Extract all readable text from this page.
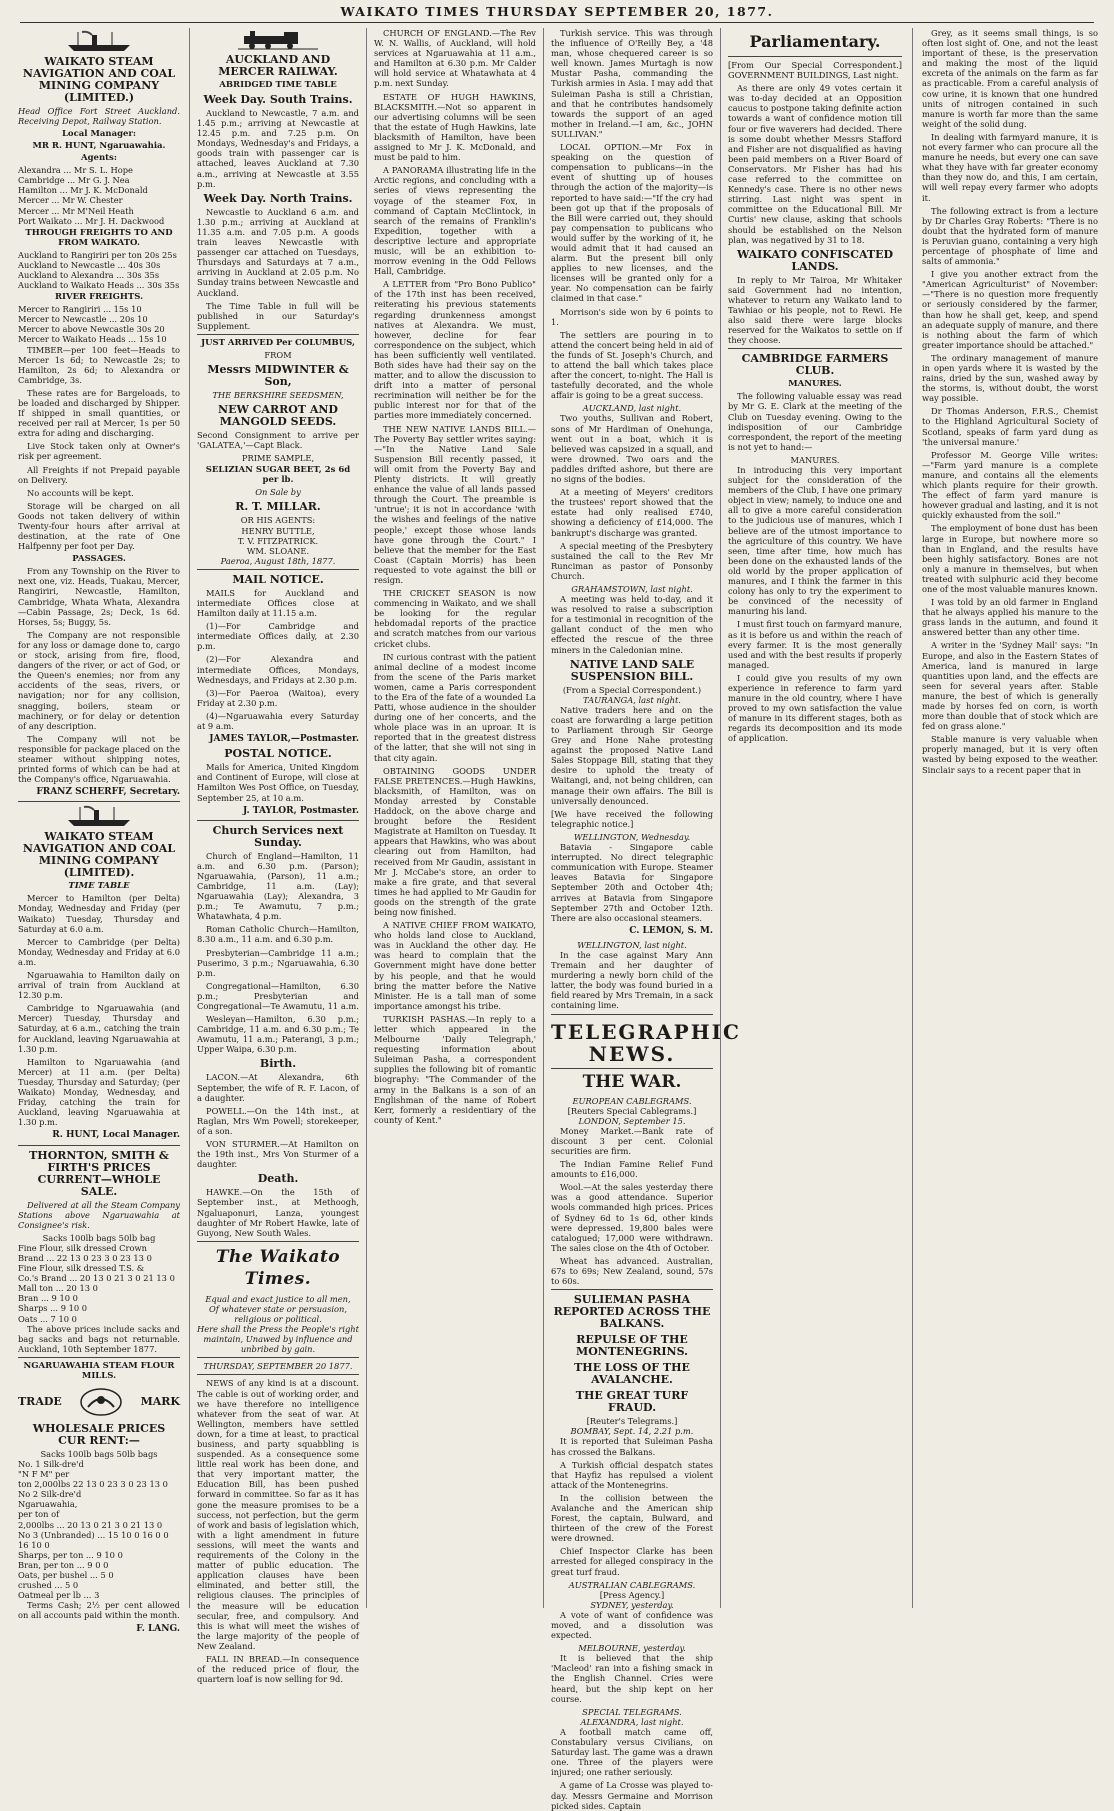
WAIKATO TIMES THURSDAY SEPTEMBER 20, 1877.
WAIKATO STEAM NAVIGATION AND COAL MINING COMPANY (LIMITED.)

Head Office Fort Street Auckland. Receiving Depot, Railway Station.

Local Manager:
MR R. HUNT, Ngaruawahia.
Agents:
Alexandra ... Mr S. L. Hope
Cambridge ... Mr G. J. Nea
Hamilton ... Mr J. K. McDonald
Mercer ... Mr W. Chester
Mercer ... Mr M'Neil Heath
Port Waikato ... Mr J. H. Dackwood
THROUGH FREIGHTS TO AND FROM WAIKATO.
Auckland to Rangiriri per ton 20s 25s
Auckland to Newcastle ... 40s 30s
Auckland to Alexandra ... 30s 35s
Auckland to Waikato Heads ... 30s 35s
RIVER FREIGHTS.
Mercer to Rangiriri ... 15s 10
Mercer to Newcastle ... 20s 10
Mercer to above Newcastle 30s 20
Mercer to Waikato Heads ... 15s 10

TIMBER—per 100 feet—Heads to Mercer 1s 6d; to Newcastle 2s; to Hamilton, 2s 6d; to Alexandra or Cambridge, 3s.

These rates are for Bargeloads, to be loaded and discharged by Shipper. If shipped in small quantities, or received per rail at Mercer, 1s per 50 extra for ading and discharging.

Live Stock taken only at Owner's risk per agreement.

All Freights if not Prepaid payable on Delivery.

No accounts will be kept.

Storage will be charged on all Goods not taken delivery of within Twenty-four hours after arrival at destination, at the rate of One Halfpenny per foot per Day.

PASSAGES.

From any Township on the River to next one, viz. Heads, Tuakau, Mercer, Rangiriri, Newcastle, Hamilton, Cambridge, Whata Whata, Alexandra—Cabin Passage, 2s; Deck, 1s 6d. Horses, 5s; Buggy, 5s.

The Company are not responsible for any loss or damage done to, cargo or stock, arising from fire, flood, dangers of the river, or act of God, or the Queen's enemies; nor from any accidents of the seas, rivers, or navigation; nor for any collision, snagging, boilers, steam or machinery, or for delay or detention of any description.

The Company will not be responsible for package placed on the steamer without shipping notes, printed forms of which can be had at the Company's office, Ngaruawahia.

FRANZ SCHERFF, Secretary.
WAIKATO STEAM NAVIGATION AND COAL MINING COMPANY (LIMITED).
TIME TABLE

Mercer to Hamilton (per Delta) Monday, Wednesday and Friday (per Waikato) Tuesday, Thursday and Saturday at 6.0 a.m.

Mercer to Cambridge (per Delta) Monday, Wednesday and Friday at 6.0 a.m.

Ngaruawahia to Hamilton daily on arrival of train from Auckland at 12.30 p.m.

Cambridge to Ngaruawahia (and Mercer) Tuesday, Thursday and Saturday, at 6 a.m., catching the train for Auckland, leaving Ngaruawahia at 1.30 p.m.

Hamilton to Ngaruawahia (and Mercer) at 11 a.m. (per Delta) Tuesday, Thursday and Saturday; (per Waikato) Monday, Wednesday, and Friday, catching the train for Auckland, leaving Ngaruawahia at 1.30 p.m.

R. HUNT, Local Manager.
THORNTON, SMITH & FIRTH'S PRICES CURRENT—WHOLE SALE.

Delivered at all the Steam Company Stations above Ngaruawahia at Consignee's risk.

Sacks 100lb bags 50lb bag
Fine Flour, silk dressed Crown
Brand ... 22 13 0 23 3 0 23 13 0
Fine Flour, silk dressed T.S. &
Co.'s Brand ... 20 13 0 21 3 0 21 13 0
Mall ton ... 20 13 0
Bran ... 9 10 0
Sharps ... 9 10 0
Oats ... 7 10 0

The above prices include sacks and bag sacks and bags not returnable. Auckland, 10th September 1877.

NGARUAWAHIA STEAM FLOUR MILLS.
TRADE	MARK
WHOLESALE PRICES CUR RENT:—
Sacks 100lb bags 50lb bags
No. 1 Silk-dre'd
"N F M" per
ton 2,000lbs 22 13 0 23 3 0 23 13 0
No 2 Silk-dre'd
Ngaruawahia,
per ton of
2,000lbs ... 20 13 0 21 3 0 21 13 0
No 3 (Unbranded) ... 15 10 0 16 0 0 16 10 0
Sharps, per ton ... 9 10 0
Bran, per ton ... 9 0 0
Oats, per bushel ... 5 0
crushed ... 5 0
Oatmeal per lb ... 3

Terms Cash; 2½ per cent allowed on all accounts paid within the month.

F. LANG.
AUCKLAND AND MERCER RAILWAY.
ABRIDGED TIME TABLE
Week Day. South Trains.

Auckland to Newcastle, 7 a.m. and 1.45 p.m.; arriving at Newcastle at 12.45 p.m. and 7.25 p.m. On Mondays, Wednesday's and Fridays, a goods train with passenger car is attached, leaves Auckland at 7.30 a.m., arriving at Newcastle at 3.55 p.m.

Week Day. North Trains.

Newcastle to Auckland 6 a.m. and 1.30 p.m.; arriving at Auckland at 11.35 a.m. and 7.05 p.m. A goods train leaves Newcastle with passenger car attached on Tuesdays, Thursdays and Saturdays at 7 a.m., arriving in Auckland at 2.05 p.m. No Sunday trains between Newcastle and Auckland.

The Time Table in full will be published in our Saturday's Supplement.

JUST ARRIVED Per COLUMBUS,
FROM
Messrs MIDWINTER & Son,
THE BERKSHIRE SEEDSMEN,
NEW CARROT AND MANGOLD SEEDS.

Second Consignment to arrive per 'GALATEA,'—Capt Black.

PRIME SAMPLE,
SELIZIAN SUGAR BEET, 2s 6d per lb.
On Sale by
R. T. MILLAR.
OR HIS AGENTS:
HENRY BUTTLE,
T. V. FITZPATRICK.
WM. SLOANE.
Paeroa, August 18th, 1877.
MAIL NOTICE.

MAILS for Auckland and intermediate Offices close at Hamilton daily at 11.15 a.m.

(1)—For Cambridge and intermediate Offices daily, at 2.30 p.m.

(2)—For Alexandra and intermediate Offices, Mondays, Wednesdays, and Fridays at 2.30 p.m.

(3)—For Paeroa (Waitoa), every Friday at 2.30 p.m.

(4)—Ngaruawahia every Saturday at 9 a.m.

JAMES TAYLOR,—Postmaster.
POSTAL NOTICE.

Mails for America, United Kingdom and Continent of Europe, will close at Hamilton Wes Post Office, on Tuesday, September 25, at 10 a.m.

J. TAYLOR, Postmaster.
Church Services next Sunday.

Church of England—Hamilton, 11 a.m. and 6.30 p.m. (Parson); Ngaruawahia, (Parson), 11 a.m.; Cambridge, 11 a.m. (Lay); Ngaruawahia (Lay); Alexandra, 3 p.m.; Te Awamutu, 7 p.m.; Whatawhata, 4 p.m.

Roman Catholic Church—Hamilton, 8.30 a.m., 11 a.m. and 6.30 p.m.

Presbyterian—Cambridge 11 a.m.; Puserimo, 3 p.m.; Ngaruawahia, 6.30 p.m.

Congregational—Hamilton, 6.30 p.m.; Presbyterian and Congregational—Te Awamutu, 11 a.m.

Wesleyan—Hamilton, 6.30 p.m.; Cambridge, 11 a.m. and 6.30 p.m.; Te Awamutu, 11 a.m.; Paterangi, 3 p.m.; Upper Waipa, 6.30 p.m.

Birth.

LACON.—At Alexandra, 6th September, the wife of R. F. Lacon, of a daughter.

POWELL.—On the 14th inst., at Raglan, Mrs Wm Powell; storekeeper, of a son.

VON STURMER.—At Hamilton on the 19th inst., Mrs Von Sturmer of a daughter.

Death.

HAWKE.—On the 15th of September inst., at Methoogh, Ngaluaponuri, Lanza, youngest daughter of Mr Robert Hawke, late of Guyong, New South Wales.

The Waikato Times.
Equal and exact justice to all men,
Of whatever state or persuasion, religious or political.
Here shall the Press the People's right maintain, Unawed by influence and unbribed by gain.
THURSDAY, SEPTEMBER 20 1877.

NEWS of any kind is at a discount. The cable is out of working order, and we have therefore no intelligence whatever from the seat of war. At Wellington, members have settled down, for a time at least, to practical business, and party squabbling is suspended. As a consequence some little real work has been done, and that very important matter, the Education Bill, has been pushed forward in committee. So far as it has gone the measure promises to be a success, not perfection, but the germ of work and basis of legislation which, with a light amendment in future sessions, will meet the wants and requirements of the Colony in the matter of public education. The application clauses have been eliminated, and better still, the religious clauses. The principles of the measure will be education secular, free, and compulsory. And this is what will meet the wishes of the large majority of the people of New Zealand.

FALL IN BREAD.—In consequence of the reduced price of flour, the quartern loaf is now selling for 9d.

CHURCH OF ENGLAND.—The Rev W. N. Wallis, of Auckland, will hold services at Ngaruawahia at 11 a.m., and Hamilton at 6.30 p.m. Mr Calder will hold service at Whatawhata at 4 p.m. next Sunday.

ESTATE OF HUGH HAWKINS, BLACKSMITH.—Not so apparent in our advertising columns will be seen that the estate of Hugh Hawkins, late blacksmith of Hamilton, have been assigned to Mr J. K. McDonald, and must be paid to him.

A PANORAMA illustrating life in the Arctic regions, and concluding with a series of views representing the voyage of the steamer Fox, in command of Captain McClintock, in search of the remains of Franklin's Expedition, together with a descriptive lecture and appropriate music, will be an exhibition to-morrow evening in the Odd Fellows Hall, Cambridge.

A LETTER from "Pro Bono Publico" of the 17th inst has been received, reiterating his previous statements regarding drunkenness amongst natives at Alexandra. We must, however, decline for fear correspondence on the subject, which has been sufficiently well ventilated. Both sides have had their say on the matter, and to allow the discussion to drift into a matter of personal recrimination will neither be for the public interest nor for that of the parties more immediately concerned.

THE NEW NATIVE LANDS BILL.—The Poverty Bay settler writes saying:—"In the Native Land Sale Suspension Bill recently passed, it will omit from the Poverty Bay and Plenty districts. It will greatly enhance the value of all lands passed through the Court. The preamble is 'untrue'; it is not in accordance 'with the wishes and feelings of the native people,' except those whose lands have gone through the Court." I believe that the member for the East Coast (Captain Morris) has been requested to vote against the bill or resign.

THE CRICKET SEASON is now commencing in Waikato, and we shall be looking for the regular hebdomadal reports of the practice and scratch matches from our various cricket clubs.

IN curious contrast with the patient animal decline of a modest income from the scene of the Paris market women, came a Paris correspondent to the Era of the fate of a wounded La Patti, whose audience in the shoulder during one of her concerts, and the whole place was in an uproar. It is reported that in the greatest distress of the latter, that she will not sing in that city again.

OBTAINING GOODS UNDER FALSE PRETENCES.—Hugh Hawkins, blacksmith, of Hamilton, was on Monday arrested by Constable Haddock, on the above charge and brought before the Resident Magistrate at Hamilton on Tuesday. It appears that Hawkins, who was about clearing out from Hamilton, had received from Mr Gaudin, assistant in Mr J. McCabe's store, an order to make a fire grate, and that several times he had applied to Mr Gaudin for goods on the strength of the grate being now finished.

A NATIVE CHIEF FROM WAIKATO, who holds land close to Auckland, was in Auckland the other day. He was heard to complain that the Government might have done better by his people, and that he would bring the matter before the Native Minister. He is a tall man of some importance amongst his tribe.

TURKISH PASHAS.—In reply to a letter which appeared in the Melbourne 'Daily Telegraph,' requesting information about Suleiman Pasha, a correspondent supplies the following bit of romantic biography: "The Commander of the army in the Balkans is a son of an Englishman of the name of Robert Kerr, formerly a residentiary of the county of Kent."

Turkish service. This was through the influence of O'Reilly Bey, a '48 man, whose chequered career is so well known. James Murtagh is now Mustar Pasha, commanding the Turkish armies in Asia. I may add that Suleiman Pasha is still a Christian, and that he contributes handsomely towards the support of an aged mother in Ireland.—I am, &c., JOHN SULLIVAN."

LOCAL OPTION.—Mr Fox in speaking on the question of compensation to publicans—in the event of shutting up of houses through the action of the majority—is reported to have said:—"If the cry had been got up that if the proposals of the Bill were carried out, they should pay compensation to publicans who would suffer by the working of it, he would admit that it had caused an alarm. But the present bill only applies to new licenses, and the licenses will be granted only for a year. No compensation can be fairly claimed in that case."

Morrison's side won by 6 points to 1.

The settlers are pouring in to attend the concert being held in aid of the funds of St. Joseph's Church, and to attend the ball which takes place after the concert, to-night. The Hall is tastefully decorated, and the whole affair is going to be a great success.

AUCKLAND, last night.

Two youths, Sullivan and Robert, sons of Mr Hardiman of Onehunga, went out in a boat, which it is believed was capsized in a squall, and were drowned. Two oars and the paddles drifted ashore, but there are no signs of the bodies.

At a meeting of Meyers' creditors the trustees' report showed that the estate had only realised £740, showing a deficiency of £14,000. The bankrupt's discharge was granted.

A special meeting of the Presbytery sustained the call to the Rev Mr Runciman as pastor of Ponsonby Church.

GRAHAMSTOWN, last night.

A meeting was held to-day, and it was resolved to raise a subscription for a testimonial in recognition of the gallant conduct of the men who effected the rescue of the three miners in the Caledonian mine.

NATIVE LAND SALE SUSPENSION BILL.
(From a Special Correspondent.)
TAURANGA, last night.

Native traders here and on the coast are forwarding a large petition to Parliament through Sir George Grey and Hone Nahe protesting against the proposed Native Land Sales Stoppage Bill, stating that they desire to uphold the treaty of Waitangi, and, not being children, can manage their own affairs. The Bill is universally denounced.

[We have received the following telegraphic notice.]

WELLINGTON, Wednesday.

Batavia - Singapore cable interrupted. No direct telegraphic communication with Europe. Steamer leaves Batavia for Singapore September 20th and October 4th; arrives at Batavia from Singapore September 27th and October 12th. There are also occasional steamers.

C. LEMON, S. M.
WELLINGTON, last night.

In the case against Mary Ann Tremain and her daughter of murdering a newly born child of the latter, the body was found buried in a field reared by Mrs Tremain, in a sack containing lime.

TELEGRAPHIC NEWS.
THE WAR.
EUROPEAN CABLEGRAMS.
[Reuters Special Cablegrams.]
LONDON, September 15.

Money Market.—Bank rate of discount 3 per cent. Colonial securities are firm.

The Indian Famine Relief Fund amounts to £16,000.

Wool.—At the sales yesterday there was a good attendance. Superior wools commanded high prices. Prices of Sydney 6d to 1s 6d, other kinds were depressed. 19,800 bales were catalogued; 17,000 were withdrawn. The sales close on the 4th of October.

Wheat has advanced. Australian, 67s to 69s; New Zealand, sound, 57s to 60s.

SULIEMAN PASHA REPORTED ACROSS THE BALKANS.
REPULSE OF THE MONTENEGRINS.
THE LOSS OF THE AVALANCHE.
THE GREAT TURF FRAUD.
[Reuter's Telegrams.]
BOMBAY, Sept. 14, 2.21 p.m.

It is reported that Suleiman Pasha has crossed the Balkans.

A Turkish official despatch states that Hayfiz has repulsed a violent attack of the Montenegrins.

In the collision between the Avalanche and the American ship Forest, the captain, Bulward, and thirteen of the crew of the Forest were drowned.

Chief Inspector Clarke has been arrested for alleged conspiracy in the great turf fraud.

AUSTRALIAN CABLEGRAMS.
[Press Agency.]
SYDNEY, yesterday.

A vote of want of confidence was moved, and a dissolution was expected.

MELBOURNE, yesterday.

It is believed that the ship 'Macleod' ran into a fishing smack in the English Channel. Cries were heard, but the ship kept on her course.

SPECIAL TELEGRAMS.
ALEXANDRA, last night.

A football match came off, Constabulary versus Civilians, on Saturday last. The game was a drawn one. Three of the players were injured; one rather seriously.

A game of La Crosse was played to-day. Messrs Germaine and Morrison picked sides. Captain

Parliamentary.

[From Our Special Correspondent.] GOVERNMENT BUILDINGS, Last night.

As there are only 49 votes certain it was to-day decided at an Opposition caucus to postpone taking definite action towards a want of confidence motion till four or five waverers had decided. There is some doubt whether Messrs Stafford and Fisher are not disqualified as having been paid members on a River Board of Conservators. Mr Fisher has had his case referred to the committee on Kennedy's case. There is no other news stirring. Last night was spent in committee on the Educational Bill. Mr Curtis' new clause, asking that schools should be established on the Nelson plan, was negatived by 31 to 18.

WAIKATO CONFISCATED LANDS.

In reply to Mr Tairoa, Mr Whitaker said Government had no intention, whatever to return any Waikato land to Tawhiao or his people, not to Rewi. He also said there were large blocks reserved for the Waikatos to settle on if they choose.

CAMBRIDGE FARMERS CLUB.
MANURES.

The following valuable essay was read by Mr G. E. Clark at the meeting of the Club on Tuesday evening. Owing to the indisposition of our Cambridge correspondent, the report of the meeting is not yet to hand:—

MANURES.

In introducing this very important subject for the consideration of the members of the Club, I have one primary object in view; namely, to induce one and all to give a more careful consideration to the judicious use of manures, which I believe are of the utmost importance to the agriculture of this country. We have seen, time after time, how much has been done on the exhausted lands of the old world by the proper application of manures, and I think the farmer in this colony has only to try the experiment to be convinced of the necessity of manuring his land.

I must first touch on farmyard manure, as it is before us and within the reach of every farmer. It is the most generally used and with the best results if properly managed.

I could give you results of my own experience in reference to farm yard manure in the old country, where I have proved to my own satisfaction the value of manure in its different stages, both as regards its decomposition and its mode of application.

Grey, as it seems small things, is so often lost sight of. One, and not the least important of these, is the preservation and making the most of the liquid excreta of the animals on the farm as far as practicable. From a careful analysis of cow urine, it is known that one hundred units of nitrogen contained in such manure is worth far more than the same weight of the solid dung.

In dealing with farmyard manure, it is not every farmer who can procure all the manure he needs, but every one can save what they have with far greater economy than they now do, and this, I am certain, will well repay every farmer who adopts it.

The following extract is from a lecture by Dr Charles Gray Roberts: "There is no doubt that the hydrated form of manure is Peruvian guano, containing a very high percentage of phosphate of lime and salts of ammonia."

I give you another extract from the "American Agriculturist" of November:—"There is no question more frequently or seriously considered by the farmer, than how he shall get, keep, and spend an adequate supply of manure, and there is nothing about the farm of which greater importance should be attached."

The ordinary management of manure in open yards where it is wasted by the rains, dried by the sun, washed away by the storms, is, without doubt, the worst way possible.

Dr Thomas Anderson, F.R.S., Chemist to the Highland Agricultural Society of Scotland, speaks of farm yard dung as 'the universal manure.'

Professor M. George Ville writes:—"Farm yard manure is a complete manure, and contains all the elements which plants require for their growth. The effect of farm yard manure is however gradual and lasting, and it is not quickly exhausted from the soil."

The employment of bone dust has been large in Europe, but nowhere more so than in England, and the results have been highly satisfactory. Bones are not only a manure in themselves, but when treated with sulphuric acid they become one of the most valuable manures known.

I was told by an old farmer in England that he always applied his manure to the grass lands in the autumn, and found it answered better than any other time.

A writer in the 'Sydney Mail' says: "In Europe, and also in the Eastern States of America, land is manured in large quantities upon land, and the effects are seen for several years after. Stable manure, the best of which is generally made by horses fed on corn, is worth more than double that of stock which are fed on grass alone."

Stable manure is very valuable when properly managed, but it is very often wasted by being exposed to the weather. Sinclair says to a recent paper that in
